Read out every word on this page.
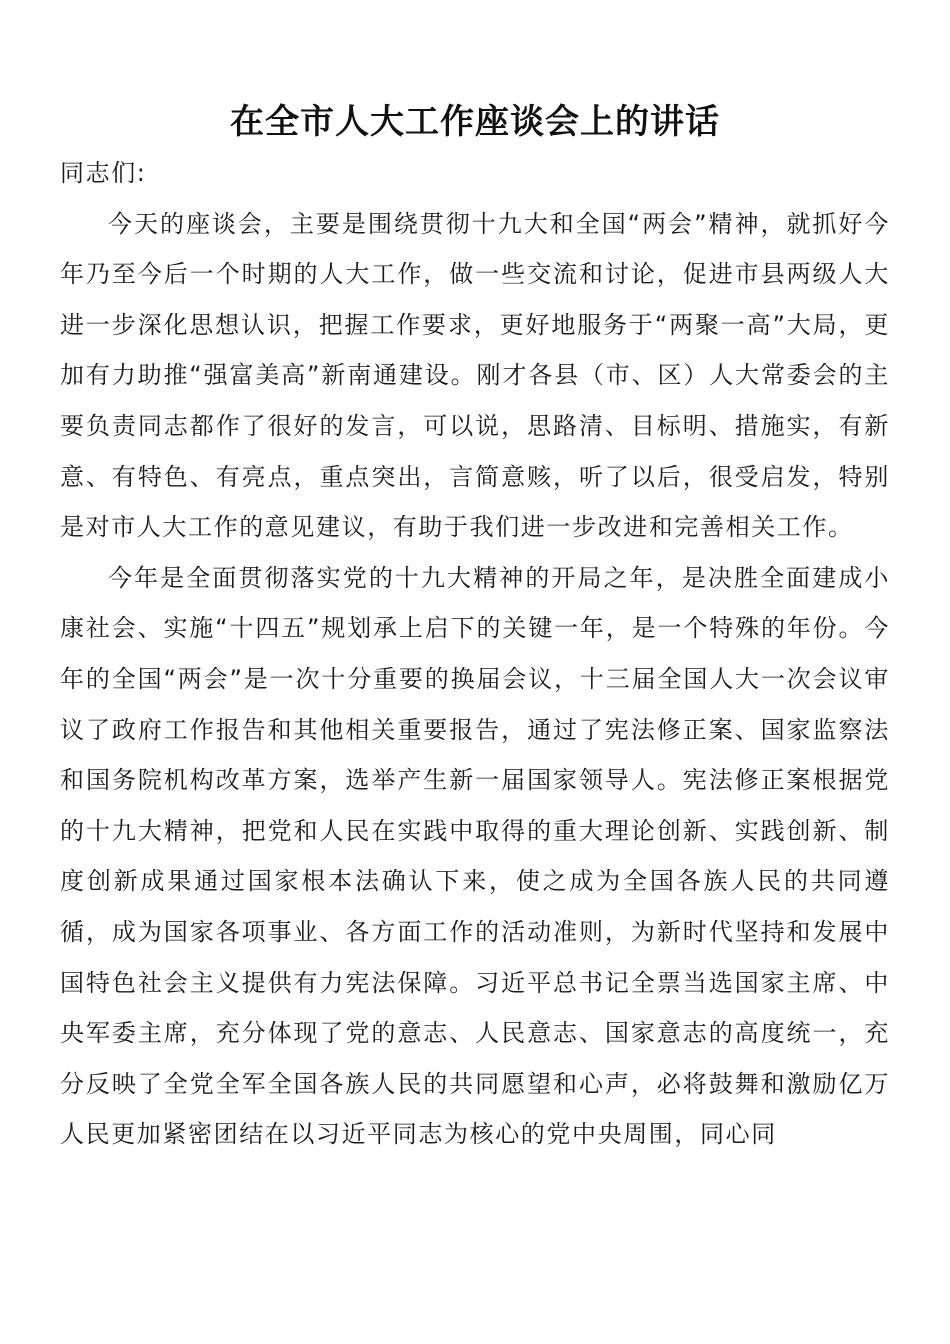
在全市人大工作座谈会上的讲话

同志们:

今天的座谈会，主要是围绕贯彻十九大和全国“两会”精神，就抓好今年乃至今后一个时期的人大工作，做一些交流和讨论，促进市县两级人大进一步深化思想认识，把握工作要求，更好地服务于“两聚一高”大局，更加有力助推“强富美高”新南通建设。刚才各县（市、区）人大常委会的主要负责同志都作了很好的发言，可以说，思路清、目标明、措施实，有新意、有特色、有亮点，重点突出，言简意赅，听了以后，很受启发，特别是对市人大工作的意见建议，有助于我们进一步改进和完善相关工作。

今年是全面贯彻落实党的十九大精神的开局之年，是决胜全面建成小康社会、实施“十四五”规划承上启下的关键一年，是一个特殊的年份。今年的全国“两会”是一次十分重要的换届会议，十三届全国人大一次会议审议了政府工作报告和其他相关重要报告，通过了宪法修正案、国家监察法和国务院机构改革方案，选举产生新一届国家领导人。宪法修正案根据党的十九大精神，把党和人民在实践中取得的重大理论创新、实践创新、制度创新成果通过国家根本法确认下来，使之成为全国各族人民的共同遵循，成为国家各项事业、各方面工作的活动准则，为新时代坚持和发展中国特色社会主义提供有力宪法保障。习近平总书记全票当选国家主席、中央军委主席，充分体现了党的意志、人民意志、国家意志的高度统一，充分反映了全党全军全国各族人民的共同愿望和心声，必将鼓舞和激励亿万人民更加紧密团结在以习近平同志为核心的党中央周围，同心同
